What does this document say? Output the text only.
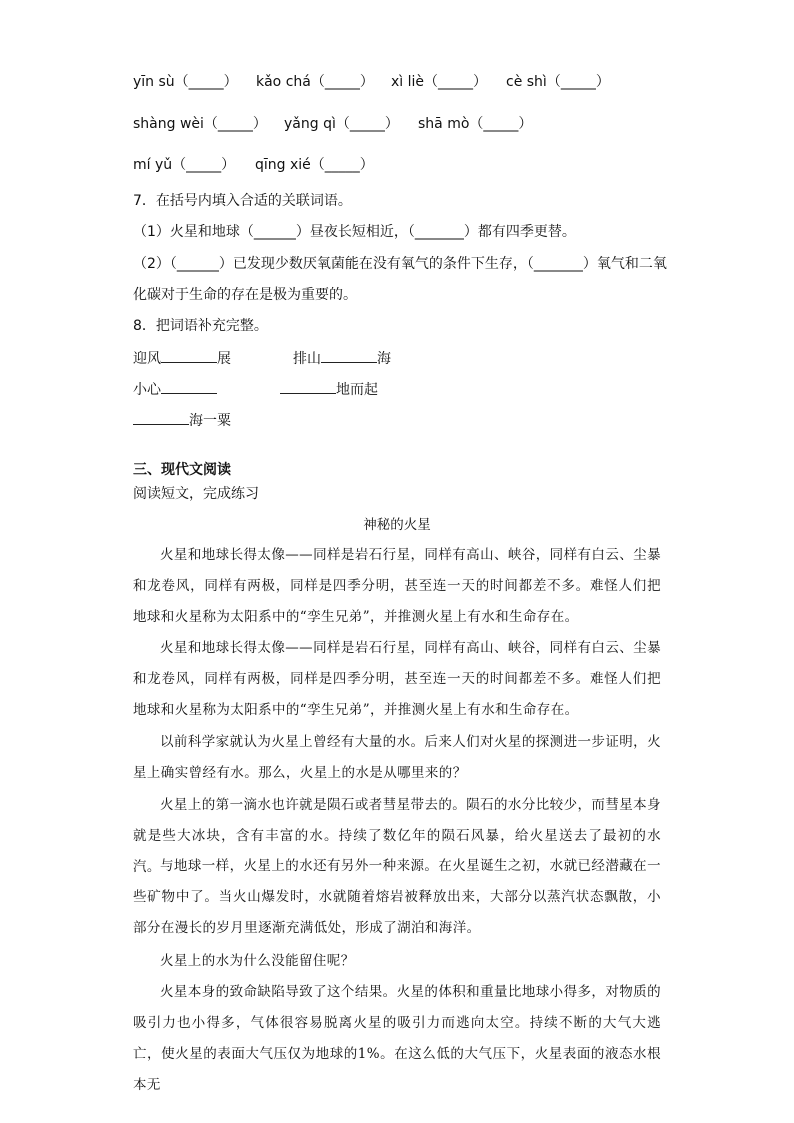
yīn sù（_____） kǎo chá（_____） xì liè（_____） cè shì（_____）
shàng wèi（_____） yǎng qì（_____） shā mò（_____）
mí yǔ（_____） qīng xié（_____）
7．在括号内填入合适的关联词语。
（1）火星和地球（______）昼夜长短相近，（_______）都有四季更替。
（2）（______）已发现少数厌氧菌能在没有氧气的条件下生存，（_______）氧气和二氧
化碳对于生命的存在是极为重要的。
8．把词语补充完整。
迎风	展	排山	海
小心	地而起
海一粟
三、现代文阅读
阅读短文，完成练习
神秘的火星
火星和地球长得太像——同样是岩石行星，同样有高山、峡谷，同样有白云、尘暴和龙卷风，同样有两极，同样是四季分明，甚至连一天的时间都差不多。难怪人们把地球和火星称为太阳系中的“孪生兄弟”，并推测火星上有水和生命存在。
火星和地球长得太像——同样是岩石行星，同样有高山、峡谷，同样有白云、尘暴和龙卷风，同样有两极，同样是四季分明，甚至连一天的时间都差不多。难怪人们把地球和火星称为太阳系中的“孪生兄弟”，并推测火星上有水和生命存在。
以前科学家就认为火星上曾经有大量的水。后来人们对火星的探测进一步证明，火星上确实曾经有水。那么，火星上的水是从哪里来的？
火星上的第一滴水也许就是陨石或者彗星带去的。陨石的水分比较少，而彗星本身就是些大冰块，含有丰富的水。持续了数亿年的陨石风暴，给火星送去了最初的水汽。 与地球一样，火星上的水还有另外一种来源。在火星诞生之初，水就已经潜藏在一些矿物中了。当火山爆发时，水就随着熔岩被释放出来，大部分以蒸汽状态飘散，小部分在漫长的岁月里逐渐充满低处，形成了湖泊和海洋。
火星上的水为什么没能留住呢？
火星本身的致命缺陷导致了这个结果。火星的体积和重量比地球小得多，对物质的吸引力也小得多，气体很容易脱离火星的吸引力而逃向太空。持续不断的大气大逃亡，使火星的表面大气压仅为地球的1%。在这么低的大气压下，火星表面的液态水根本无
